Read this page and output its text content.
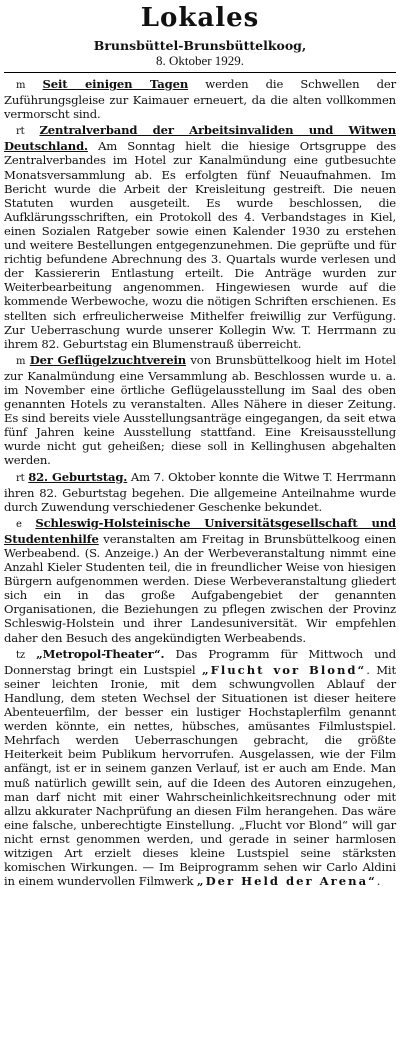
Lokales
Brunsbüttel-Brunsbüttelkoog,
8. Oktober 1929.

m Seit einigen Tagen werden die Schwellen der Zuführungsgleise zur Kaimauer erneuert, da die alten vollkommen vermorscht sind.

rt Zentralverband der Arbeitsinvaliden und Witwen Deutschland. Am Sonntag hielt die hiesige Ortsgruppe des Zentralverbandes im Hotel zur Kanalmündung eine gutbesuchte Monatsversammlung ab. Es erfolgten fünf Neuaufnahmen. Im Bericht wurde die Arbeit der Kreisleitung gestreift. Die neuen Statuten wurden ausgeteilt. Es wurde beschlossen, die Aufklärungsschriften, ein Protokoll des 4. Verbandstages in Kiel, einen Sozialen Ratgeber sowie einen Kalender 1930 zu erstehen und weitere Bestellungen entgegenzunehmen. Die geprüfte und für richtig befundene Abrechnung des 3. Quartals wurde verlesen und der Kassiererin Entlastung erteilt. Die Anträge wurden zur Weiterbearbeitung angenommen. Hingewiesen wurde auf die kommende Werbewoche, wozu die nötigen Schriften erschienen. Es stellten sich erfreulicherweise Mithelfer freiwillig zur Verfügung. Zur Ueberraschung wurde unserer Kollegin Ww. T. Herrmann zu ihrem 82. Geburtstag ein Blumenstrauß überreicht.

m Der Geflügelzuchtverein von Brunsbüttelkoog hielt im Hotel zur Kanalmündung eine Versammlung ab. Beschlossen wurde u. a. im November eine örtliche Geflügelausstellung im Saal des oben genannten Hotels zu veranstalten. Alles Nähere in dieser Zeitung. Es sind bereits viele Ausstellungsanträge eingegangen, da seit etwa fünf Jahren keine Ausstellung stattfand. Eine Kreisausstellung wurde nicht gut geheißen; diese soll in Kellinghusen abgehalten werden.

rt 82. Geburtstag. Am 7. Oktober konnte die Witwe T. Herrmann ihren 82. Geburtstag begehen. Die allgemeine Anteilnahme wurde durch Zuwendung verschiedener Geschenke bekundet.

e Schleswig-Holsteinische Universitätsgesellschaft und Studentenhilfe veranstalten am Freitag in Brunsbüttelkoog einen Werbeabend. (S. Anzeige.) An der Werbeveranstaltung nimmt eine Anzahl Kieler Studenten teil, die in freundlicher Weise von hiesigen Bürgern aufgenommen werden. Diese Werbeveranstaltung gliedert sich ein in das große Aufgabengebiet der genannten Organisationen, die Beziehungen zu pflegen zwischen der Provinz Schleswig-Holstein und ihrer Landesuniversität. Wir empfehlen daher den Besuch des angekündigten Werbeabends.

tz „Metropol-Theater“. Das Programm für Mittwoch und Donnerstag bringt ein Lustspiel „Flucht vor Blond“. Mit seiner leichten Ironie, mit dem schwungvollen Ablauf der Handlung, dem steten Wechsel der Situationen ist dieser heitere Abenteuerfilm, der besser ein lustiger Hochstaplerfilm genannt werden könnte, ein nettes, hübsches, amüsantes Filmlustspiel. Mehrfach werden Ueberraschungen gebracht, die größte Heiterkeit beim Publikum hervorrufen. Ausgelassen, wie der Film anfängt, ist er in seinem ganzen Verlauf, ist er auch am Ende. Man muß natürlich gewillt sein, auf die Ideen des Autoren einzugehen, man darf nicht mit einer Wahrscheinlichkeitsrechnung oder mit allzu akkurater Nachprüfung an diesen Film herangehen. Das wäre eine falsche, unberechtigte Einstellung. „Flucht vor Blond“ will gar nicht ernst genommen werden, und gerade in seiner harmlosen witzigen Art erzielt dieses kleine Lustspiel seine stärksten komischen Wirkungen. — Im Beiprogramm sehen wir Carlo Aldini in einem wundervollen Filmwerk „Der Held der Arena“.
